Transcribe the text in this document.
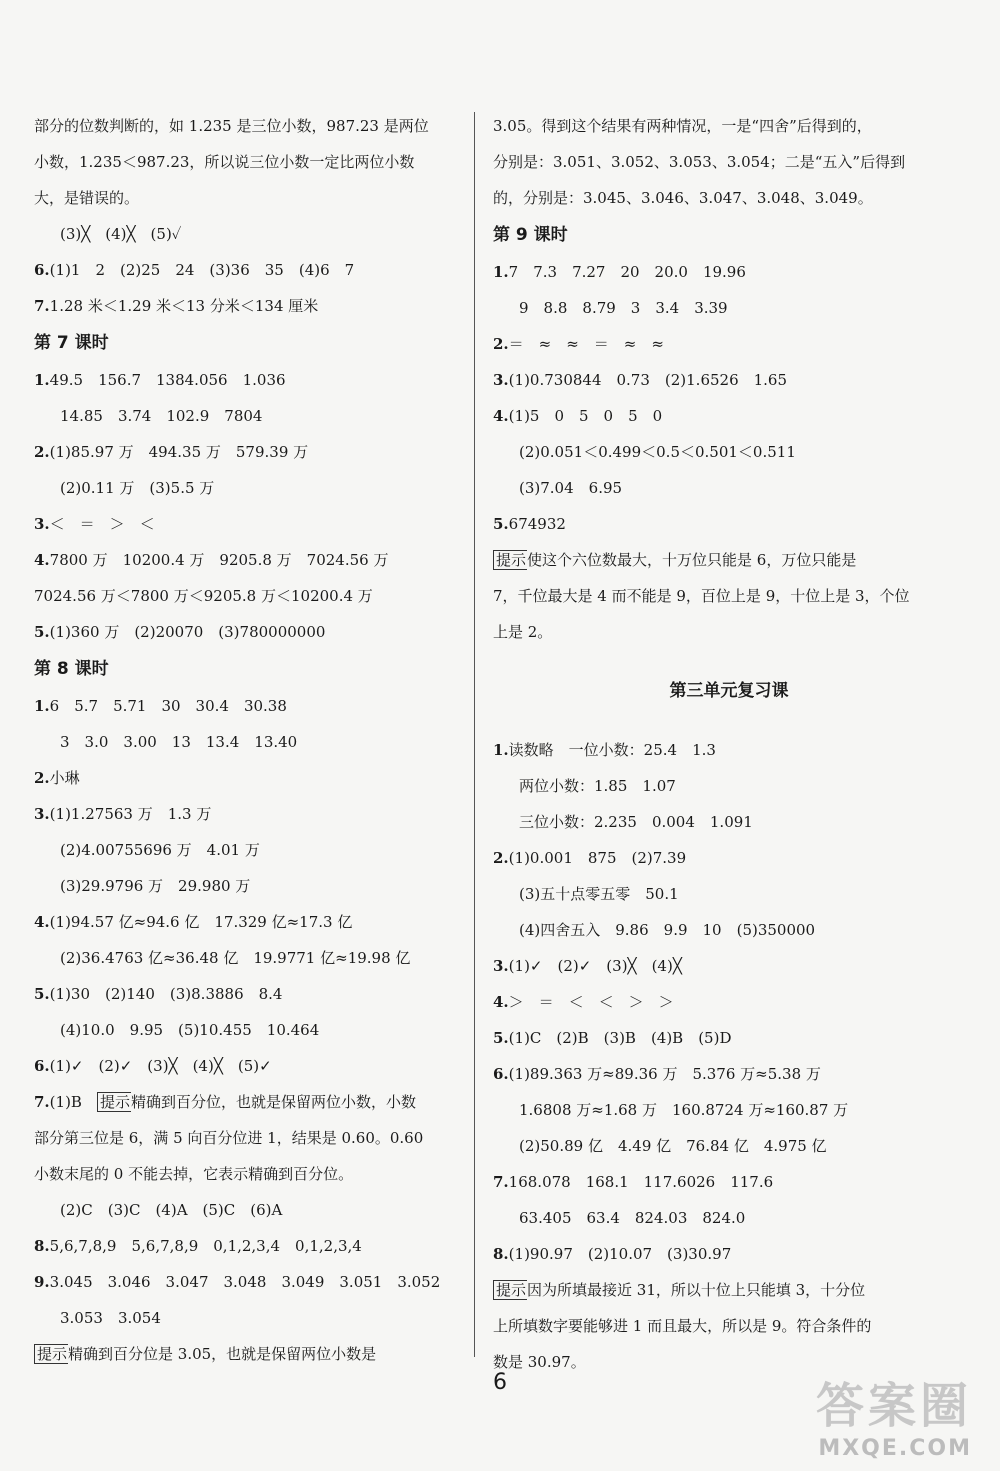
部分的位数判断的，如 1.235 是三位小数，987.23 是两位
小数，1.235＜987.23，所以说三位小数一定比两位小数
大，是错误的。
(3)╳　(4)╳　(5)✓
6.(1)1　2　(2)25　24　(3)36　35　(4)6　7
7.1.28 米＜1.29 米＜13 分米＜134 厘米
第 7 课时
1.49.5　156.7　1384.056　1.036
14.85　3.74　102.9　7804
2.(1)85.97 万　494.35 万　579.39 万
(2)0.11 万　(3)5.5 万
3.＜　＝　＞　＜
4.7800 万　10200.4 万　9205.8 万　7024.56 万
7024.56 万＜7800 万＜9205.8 万＜10200.4 万
5.(1)360 万　(2)20070　(3)780000000
第 8 课时
1.6　5.7　5.71　30　30.4　30.38
3　3.0　3.00　13　13.4　13.40
2.小琳
3.(1)1.27563 万　1.3 万
(2)4.00755696 万　4.01 万
(3)29.9796 万　29.980 万
4.(1)94.57 亿≈94.6 亿　17.329 亿≈17.3 亿
(2)36.4763 亿≈36.48 亿　19.9771 亿≈19.98 亿
5.(1)30　(2)140　(3)8.3886　8.4
(4)10.0　9.95　(5)10.455　10.464
6.(1)✓　(2)✓　(3)╳　(4)╳　(5)✓
7.(1)B　提示精确到百分位，也就是保留两位小数，小数
部分第三位是 6，满 5 向百分位进 1，结果是 0.60。0.60
小数末尾的 0 不能去掉，它表示精确到百分位。
(2)C　(3)C　(4)A　(5)C　(6)A
8.5,6,7,8,9　5,6,7,8,9　0,1,2,3,4　0,1,2,3,4
9.3.045　3.046　3.047　3.048　3.049　3.051　3.052
3.053　3.054
提示精确到百分位是 3.05，也就是保留两位小数是
3.05。得到这个结果有两种情况，一是“四舍”后得到的，
分别是：3.051、3.052、3.053、3.054；二是“五入”后得到
的，分别是：3.045、3.046、3.047、3.048、3.049。
第 9 课时
1.7　7.3　7.27　20　20.0　19.96
9　8.8　8.79　3　3.4　3.39
2.＝　≈　≈　＝　≈　≈
3.(1)0.730844　0.73　(2)1.6526　1.65
4.(1)5　0　5　0　5　0
(2)0.051＜0.499＜0.5＜0.501＜0.511
(3)7.04　6.95
5.674932
提示使这个六位数最大，十万位只能是 6，万位只能是
7，千位最大是 4 而不能是 9，百位上是 9，十位上是 3，个位
上是 2。
第三单元复习课
1.读数略　一位小数：25.4　1.3
两位小数：1.85　1.07
三位小数：2.235　0.004　1.091
2.(1)0.001　875　(2)7.39
(3)五十点零五零　50.1
(4)四舍五入　9.86　9.9　10　(5)350000
3.(1)✓　(2)✓　(3)╳　(4)╳
4.＞　＝　＜　＜　＞　＞
5.(1)C　(2)B　(3)B　(4)B　(5)D
6.(1)89.363 万≈89.36 万　5.376 万≈5.38 万
1.6808 万≈1.68 万　160.8724 万≈160.87 万
(2)50.89 亿　4.49 亿　76.84 亿　4.975 亿
7.168.078　168.1　117.6026　117.6
63.405　63.4　824.03　824.0
8.(1)90.97　(2)10.07　(3)30.97
提示因为所填最接近 31，所以十位上只能填 3，十分位
上所填数字要能够进 1 而且最大，所以是 9。符合条件的
数是 30.97。
6	答案圈
MXQE.COM
